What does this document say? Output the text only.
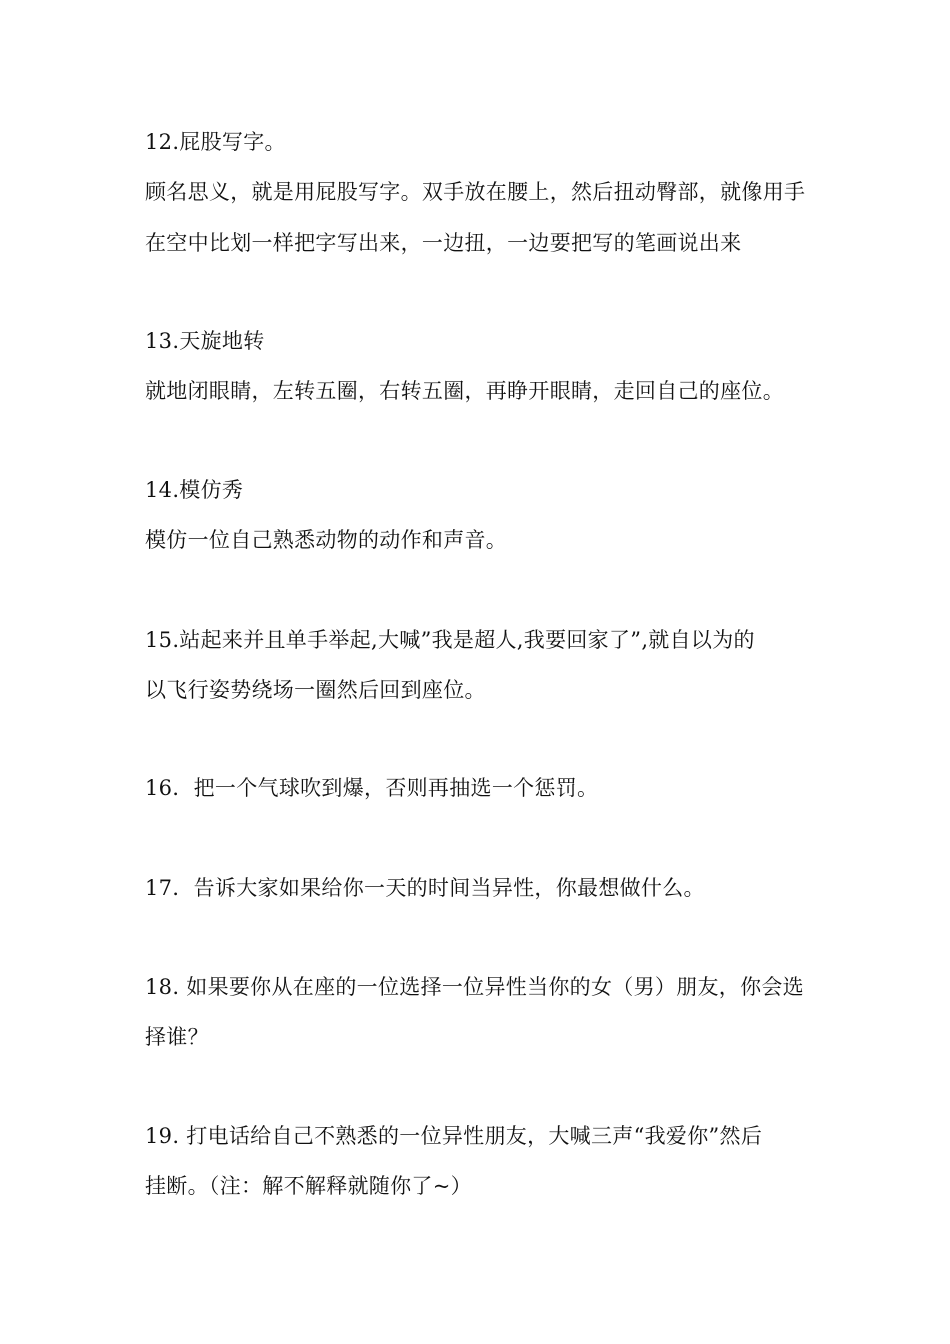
12.屁股写字。
顾名思义，就是用屁股写字。双手放在腰上，然后扭动臀部，就像用手
在空中比划一样把字写出来，一边扭，一边要把写的笔画说出来
13.天旋地转
就地闭眼睛，左转五圈，右转五圈，再睁开眼睛，走回自己的座位。
14.模仿秀
模仿一位自己熟悉动物的动作和声音。
15.站起来并且单手举起,大喊”我是超人,我要回家了”,就自以为的
以飞行姿势绕场一圈然后回到座位。
16．把一个气球吹到爆，否则再抽选一个惩罚。
17．告诉大家如果给你一天的时间当异性，你最想做什么。
18. 如果要你从在座的一位选择一位异性当你的女（男）朋友，你会选
择谁？
19. 打电话给自己不熟悉的一位异性朋友，大喊三声“我爱你”然后
挂断。（注：解不解释就随你了~）
